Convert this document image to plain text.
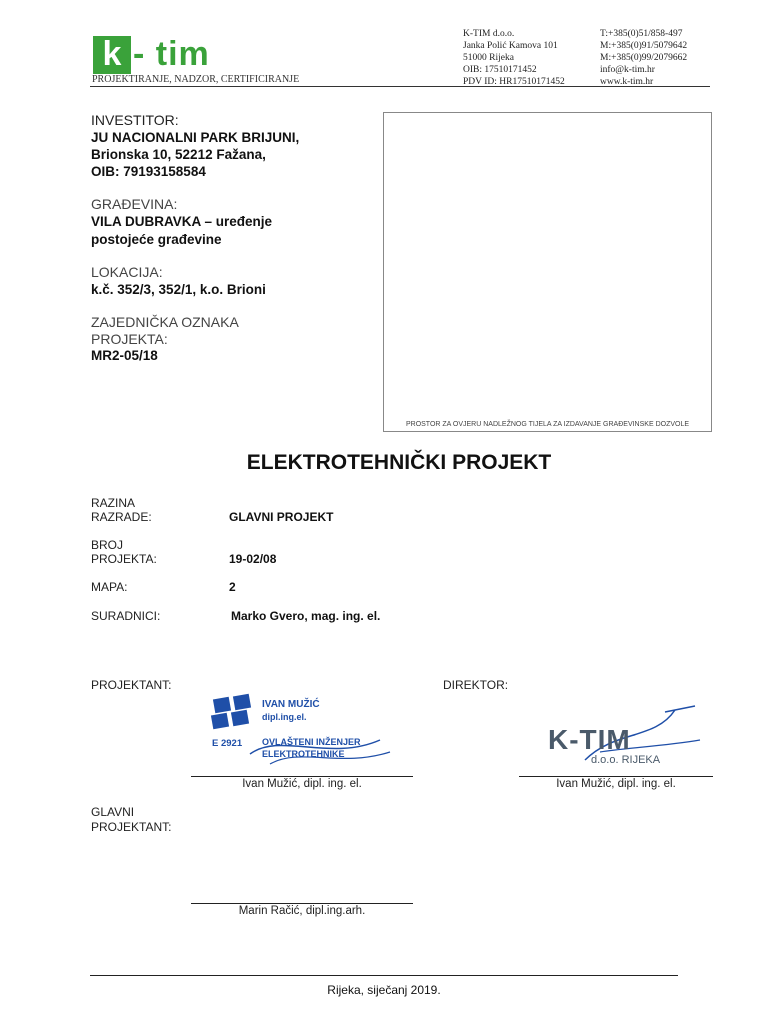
k - tim
PROJEKTIRANJE, NADZOR, CERTIFICIRANJE
K-TIM d.o.o.
Janka Polić Kamova 101
51000 Rijeka
OIB: 17510171452
PDV ID: HR17510171452
T:+385(0)51/858-497
M:+385(0)91/5079642
M:+385(0)99/2079662
info@k-tim.hr
www.k-tim.hr
INVESTITOR:
JU NACIONALNI PARK BRIJUNI,
Brionska 10, 52212 Fažana,
OIB: 79193158584
GRAĐEVINA:
VILA DUBRAVKA – uređenje
postojeće građevine
LOKACIJA:
k.č. 352/3, 352/1, k.o. Brioni
ZAJEDNIČKA OZNAKA
PROJEKTA:
MR2-05/18
PROSTOR ZA OVJERU NADLEŽNOG TIJELA ZA IZDAVANJE GRAĐEVINSKE DOZVOLE
ELEKTROTEHNIČKI PROJEKT
RAZINA
RAZRADE:	GLAVNI PROJEKT
BROJ
PROJEKTA:	19-02/08
MAPA:	2
SURADNICI:	Marko Gvero, mag. ing. el.
PROJEKTANT:	DIREKTOR:
IVAN MUŽIĆ
dipl.ing.el.
E 2921 OVLAŠTENI INŽENJER
ELEKTROTEHNIKE	K-TIM
d.o.o. RIJEKA
Ivan Mužić, dipl. ing. el.	Ivan Mužić, dipl. ing. el.
GLAVNI
PROJEKTANT:
Marin Račić, dipl.ing.arh.
Rijeka, siječanj 2019.
